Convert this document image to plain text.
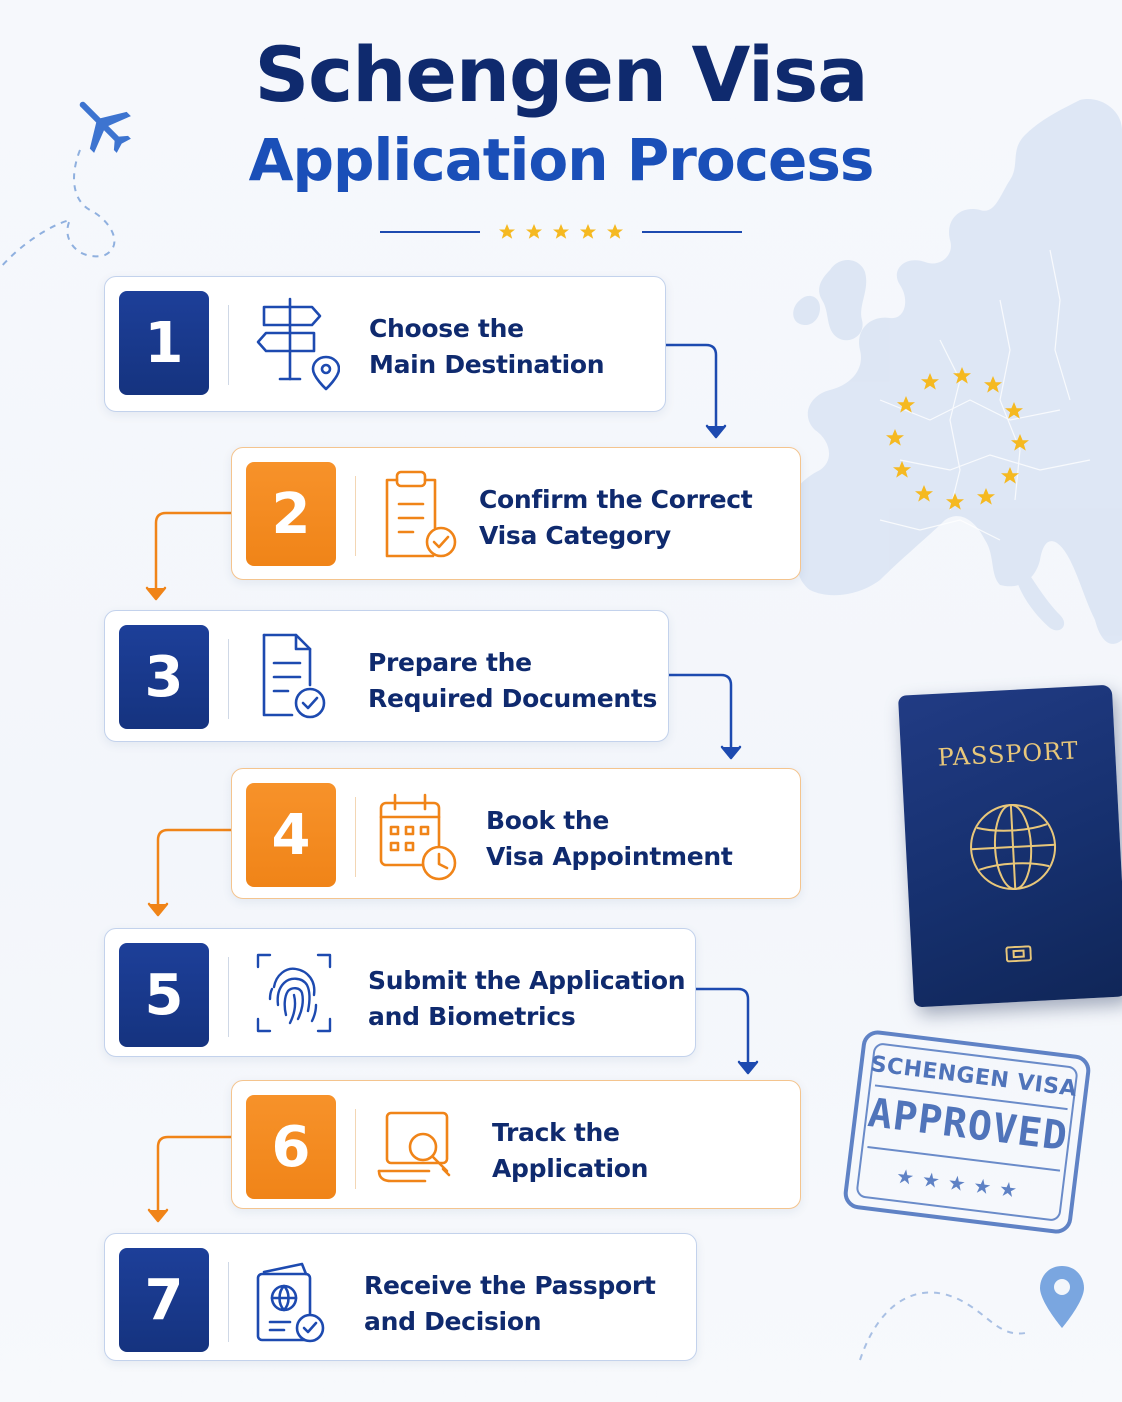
Schengen Visa
Application Process
1	Choose the
Main Destination
2	Confirm the Correct
Visa Category
3	Prepare the
Required Documents
4	Book the
Visa Appointment
5	Submit the Application
and Biometrics
6	Track the
Application
7	Receive the Passport
and Decision
PASSPORT
SCHENGEN VISA
APPROVED
★★★★★
